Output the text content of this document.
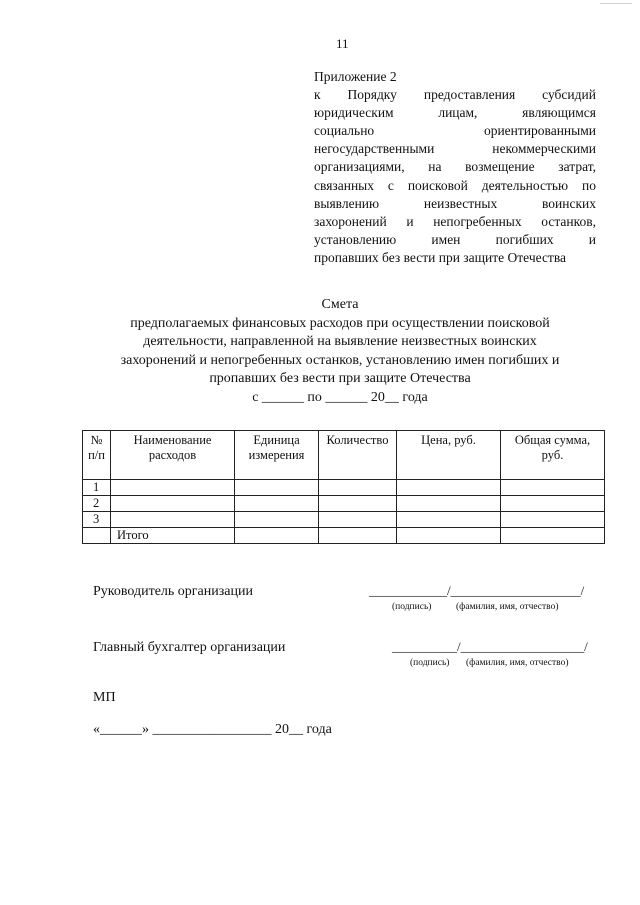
________
11
Приложение 2
к Порядку предоставления субсидий
юридическим	лицам,	являющимся
социально	ориентированными
негосударственными	некоммерческими
организациями, на возмещение затрат,
связанных с поисковой деятельностью по
выявлению	неизвестных	воинских
захоронений и непогребенных останков,
установлению	имен	погибших	и
пропавших без вести при защите Отечества
Смета
предполагаемых финансовых расходов при осуществлении поисковой
деятельности, направленной на выявление неизвестных воинских
захоронений и непогребенных останков, установлению имен погибших и
пропавших без вести при защите Отечества
с ______ по ______ 20__ года
№ п/п	Наименование расходов	Единица измерения	Количество	Цена, руб.	Общая сумма, руб.
1					
2					
3					
	Итого				
Руководитель организации	____________/____________________/
(подпись)	(фамилия, имя, отчество)
Главный бухгалтер организации	__________/___________________/
(подпись) (фамилия, имя, отчество)
МП
«______» _________________ 20__ года
